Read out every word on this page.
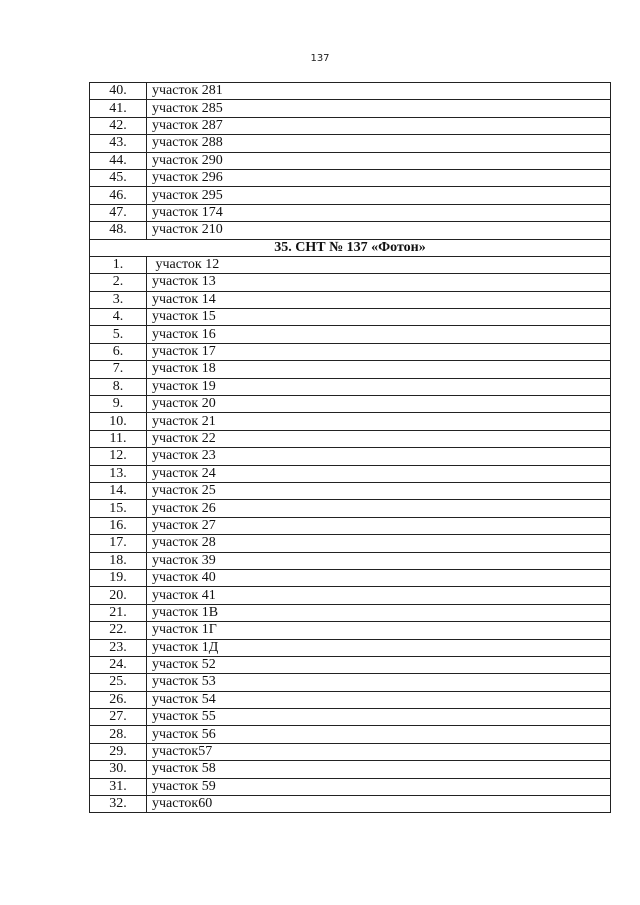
137
40.	участок 281
41.	участок 285
42.	участок 287
43.	участок 288
44.	участок 290
45.	участок 296
46.	участок 295
47.	участок 174
48.	участок 210
35. СНТ № 137 «Фотон»	
1.	участок 12
2.	участок 13
3.	участок 14
4.	участок 15
5.	участок 16
6.	участок 17
7.	участок 18
8.	участок 19
9.	участок 20
10.	участок 21
11.	участок 22
12.	участок 23
13.	участок 24
14.	участок 25
15.	участок 26
16.	участок 27
17.	участок 28
18.	участок 39
19.	участок 40
20.	участок 41
21.	участок 1В
22.	участок 1Г
23.	участок 1Д
24.	участок 52
25.	участок 53
26.	участок 54
27.	участок 55
28.	участок 56
29.	участок57
30.	участок 58
31.	участок 59
32.	участок60
